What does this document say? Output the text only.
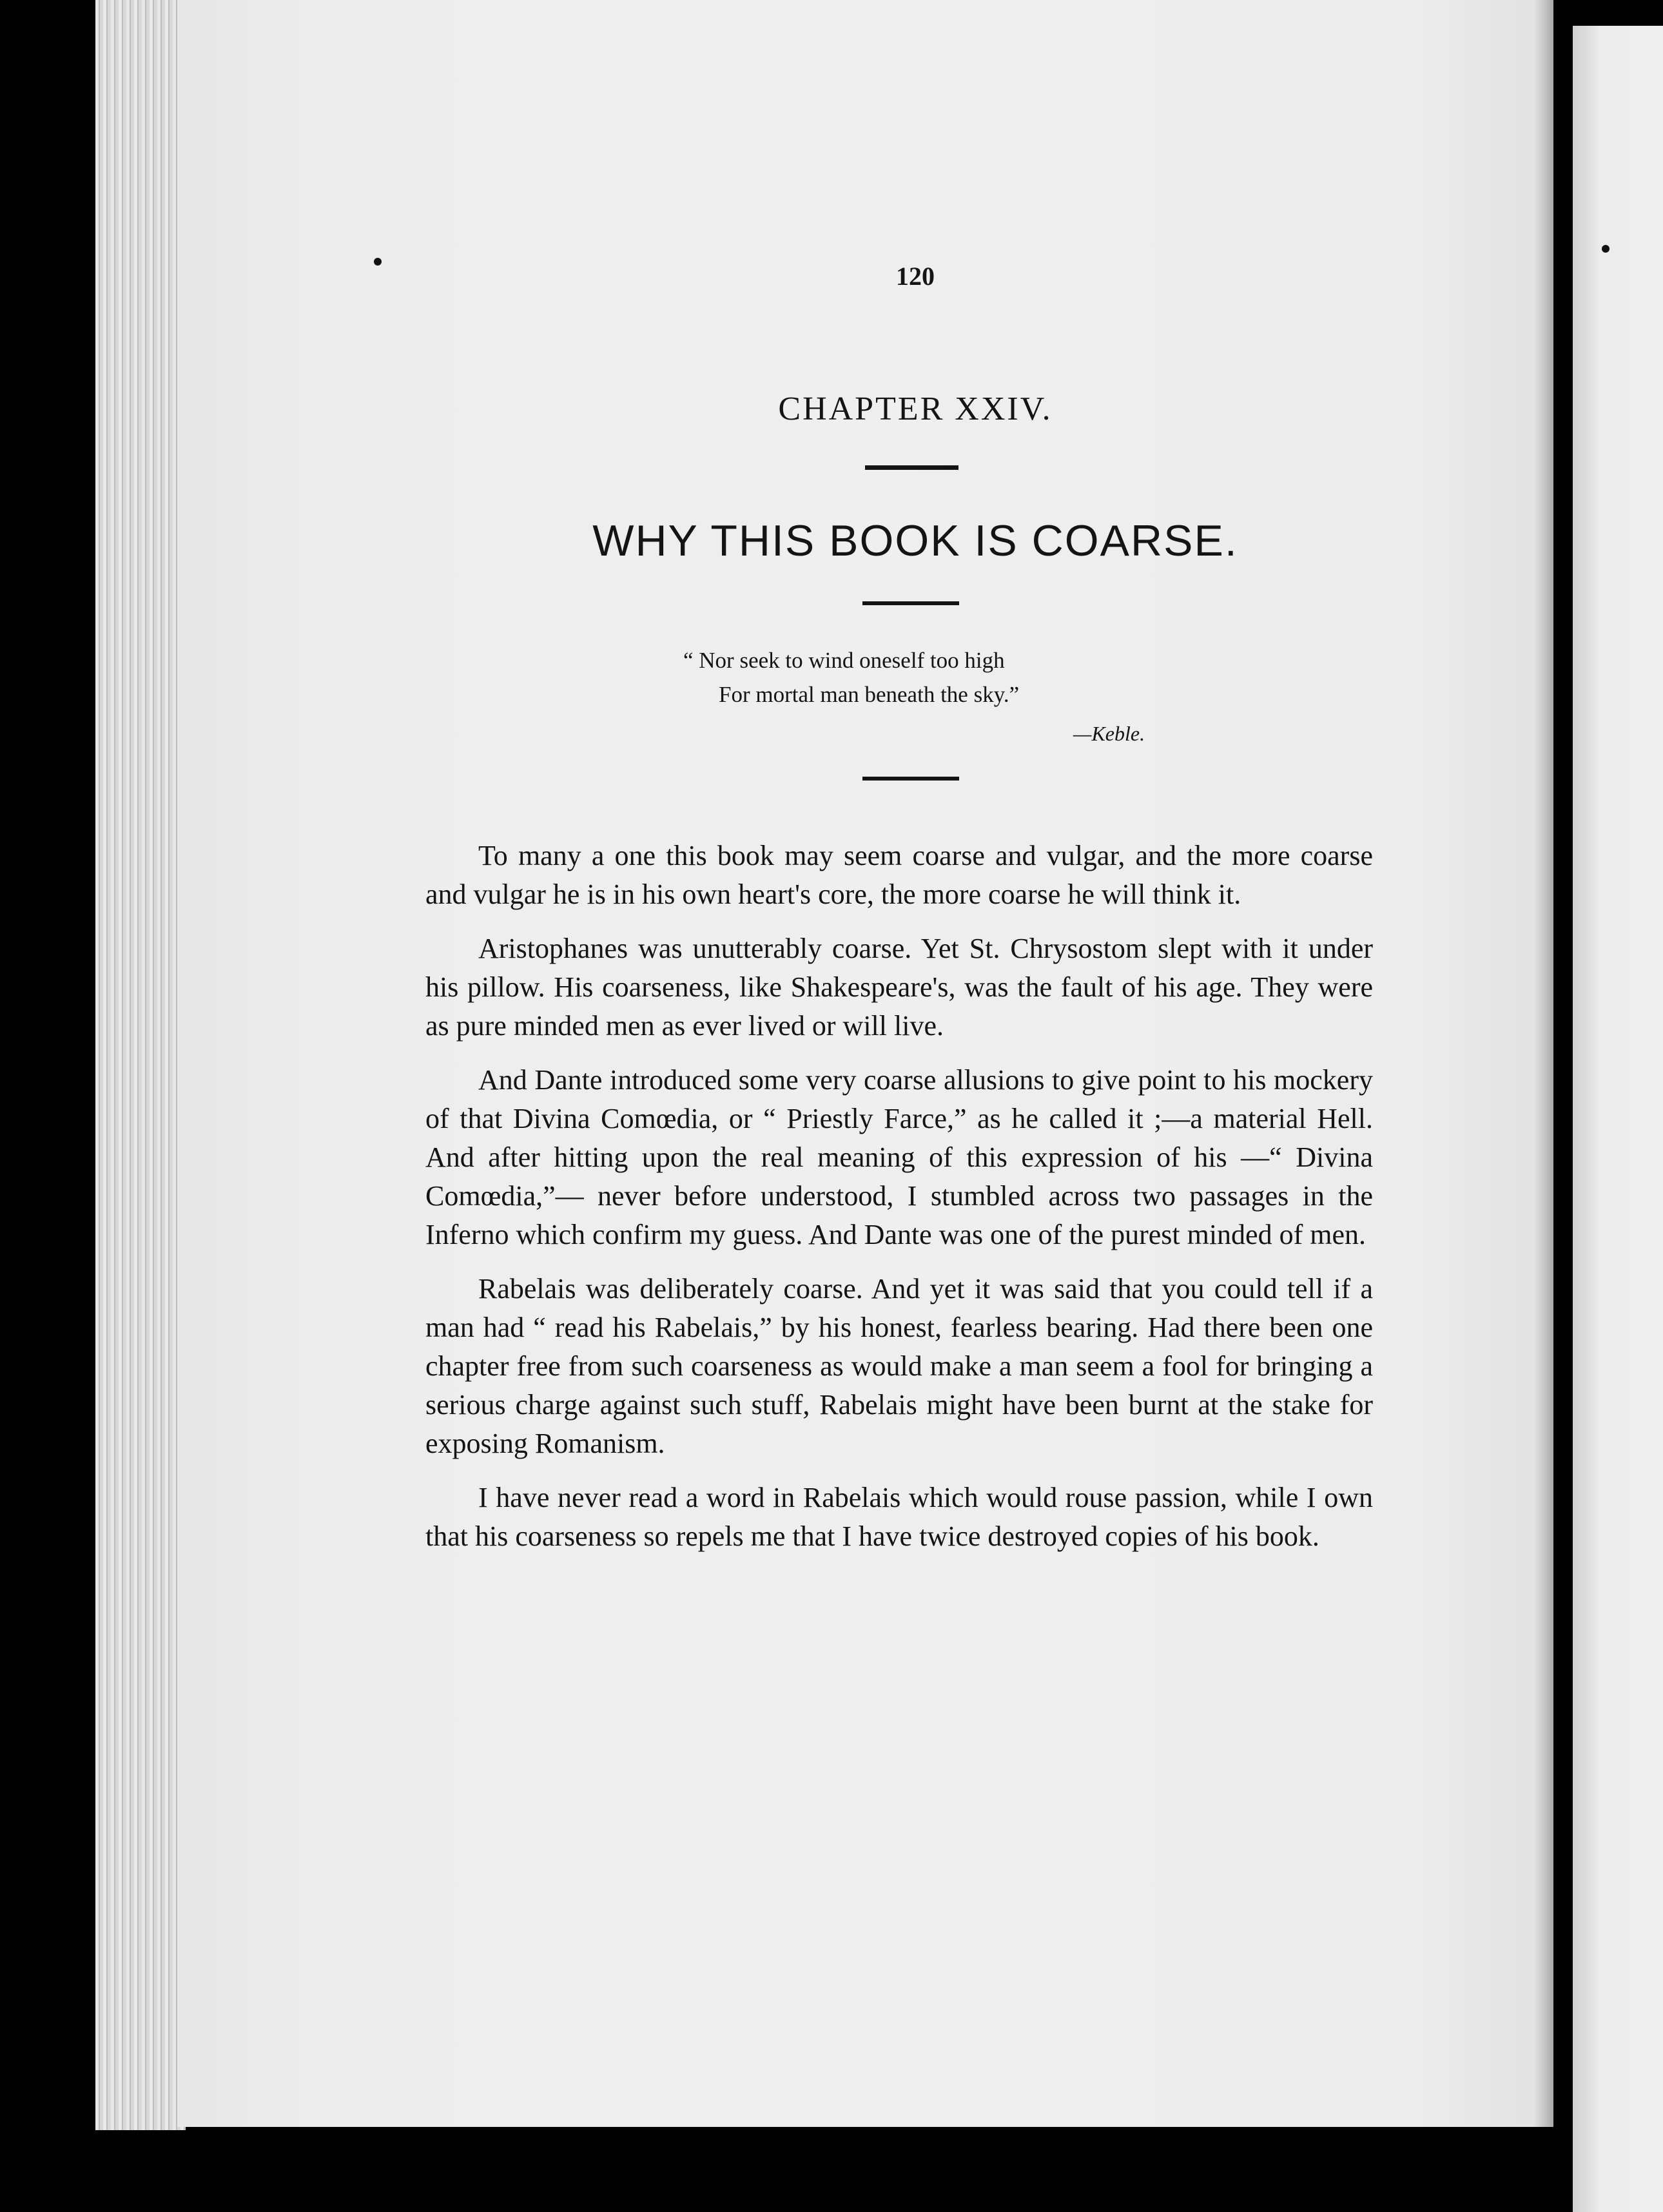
120
CHAPTER XXIV.
WHY THIS BOOK IS COARSE.
“ Nor seek to wind oneself too high
For mortal man beneath the sky.”
—Keble.

To many a one this book may seem coarse and vulgar, and the more coarse and vulgar he is in his own heart's core, the more coarse he will think it.

Aristophanes was unutterably coarse. Yet St. Chrysostom slept with it under his pillow. His coarseness, like Shakespeare's, was the fault of his age. They were as pure minded men as ever lived or will live.

And Dante introduced some very coarse allusions to give point to his mockery of that Divina Comœdia, or “ Priestly Farce,” as he called it ;—a material Hell. And after hitting upon the real meaning of this expression of his —“ Divina Comœdia,”— never before understood, I stumbled across two passages in the Inferno which confirm my guess. And Dante was one of the purest minded of men.

Rabelais was deliberately coarse. And yet it was said that you could tell if a man had “ read his Rabelais,” by his honest, fearless bearing. Had there been one chapter free from such coarseness as would make a man seem a fool for bringing a serious charge against such stuff, Rabelais might have been burnt at the stake for exposing Romanism.

I have never read a word in Rabelais which would rouse passion, while I own that his coarseness so repels me that I have twice destroyed copies of his book.
